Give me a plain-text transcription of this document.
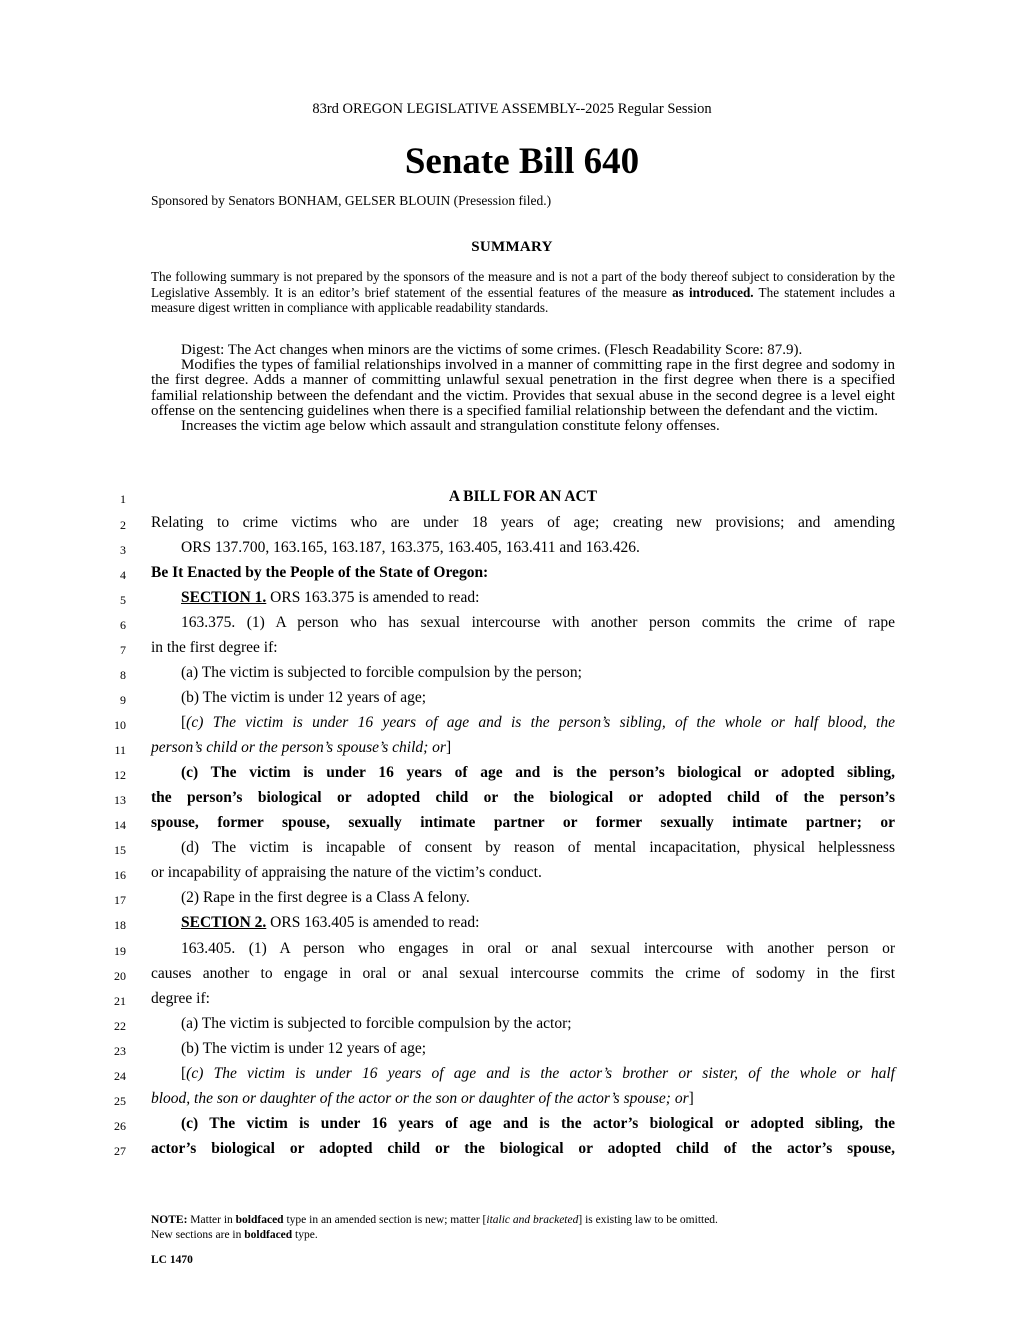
83rd OREGON LEGISLATIVE ASSEMBLY--2025 Regular Session
Senate Bill 640
Sponsored by Senators BONHAM, GELSER BLOUIN (Presession filed.)
SUMMARY
The following summary is not prepared by the sponsors of the measure and is not a part of the body thereof subject to consideration by the Legislative Assembly. It is an editor’s brief statement of the essential features of the measure as introduced. The statement includes a measure digest written in compliance with applicable readability standards.

Digest: The Act changes when minors are the victims of some crimes. (Flesch Readability Score: 87.9).

Modifies the types of familial relationships involved in a manner of committing rape in the first degree and sodomy in the first degree. Adds a manner of committing unlawful sexual penetration in the first degree when there is a specified familial relationship between the defendant and the victim. Provides that sexual abuse in the second degree is a level eight offense on the sentencing guidelines when there is a specified familial relationship between the defendant and the victim.

Increases the victim age below which assault and strangulation constitute felony offenses.

1	A BILL FOR AN ACT
2 Relating to crime victims who are under 18 years of age; creating new provisions; and amending
3	ORS 137.700, 163.165, 163.187, 163.375, 163.405, 163.411 and 163.426.
4 Be It Enacted by the People of the State of Oregon:
5	SECTION 1. ORS 163.375 is amended to read:
6	163.375. (1) A person who has sexual intercourse with another person commits the crime of rape
7 in the first degree if:
8	(a) The victim is subjected to forcible compulsion by the person;
9	(b) The victim is under 12 years of age;
10	[(c) The victim is under 16 years of age and is the person’s sibling, of the whole or half blood, the
11 person’s child or the person’s spouse’s child; or]
12	(c) The victim is under 16 years of age and is the person’s biological or adopted sibling,
13 the person’s biological or adopted child or the biological or adopted child of the person’s
14 spouse, former spouse, sexually intimate partner or former sexually intimate partner; or
15	(d) The victim is incapable of consent by reason of mental incapacitation, physical helplessness
16 or incapability of appraising the nature of the victim’s conduct.
17	(2) Rape in the first degree is a Class A felony.
18	SECTION 2. ORS 163.405 is amended to read:
19	163.405. (1) A person who engages in oral or anal sexual intercourse with another person or
20 causes another to engage in oral or anal sexual intercourse commits the crime of sodomy in the first
21 degree if:
22	(a) The victim is subjected to forcible compulsion by the actor;
23	(b) The victim is under 12 years of age;
24	[(c) The victim is under 16 years of age and is the actor’s brother or sister, of the whole or half
25 blood, the son or daughter of the actor or the son or daughter of the actor’s spouse; or]
26	(c) The victim is under 16 years of age and is the actor’s biological or adopted sibling, the
27 actor’s biological or adopted child or the biological or adopted child of the actor’s spouse,
NOTE: Matter in boldfaced type in an amended section is new; matter [italic and bracketed] is existing law to be omitted.
New sections are in boldfaced type.
LC 1470
